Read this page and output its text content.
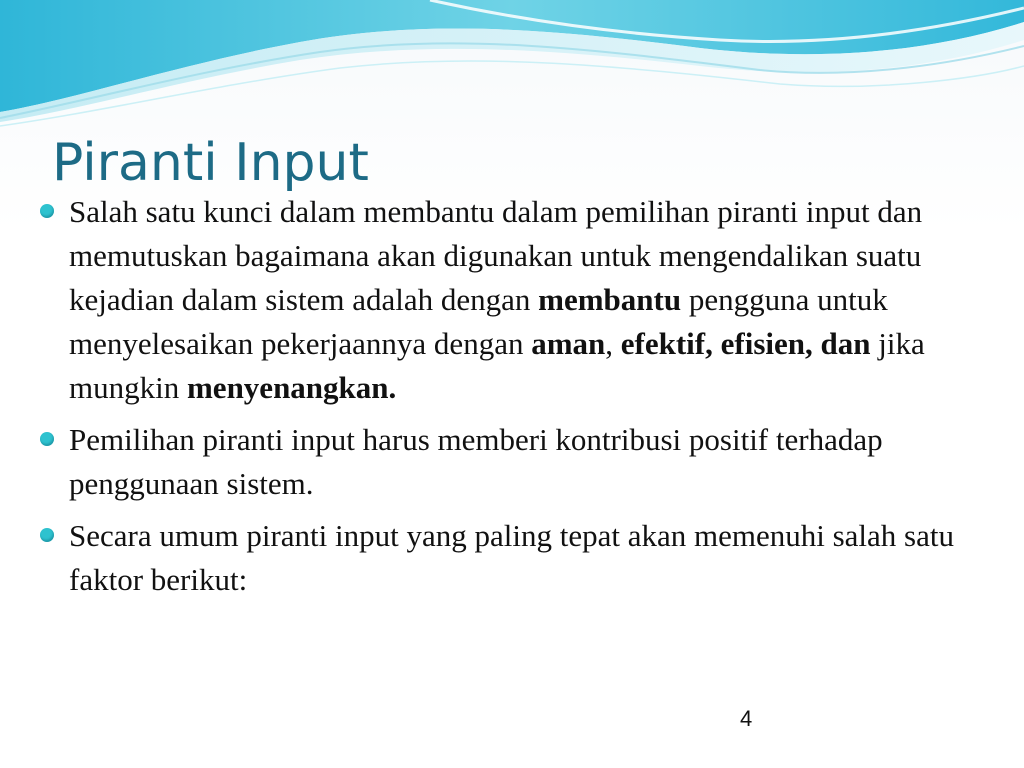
Piranti Input
Salah satu kunci dalam membantu dalam pemilihan piranti input dan memutuskan bagaimana akan digunakan untuk mengendalikan suatu kejadian dalam sistem adalah dengan membantu pengguna untuk menyelesaikan pekerjaannya dengan aman, efektif, efisien, dan jika mungkin menyenangkan.
Pemilihan piranti input harus memberi kontribusi positif terhadap penggunaan sistem.
Secara umum piranti input yang paling tepat akan memenuhi salah satu faktor berikut:
4
